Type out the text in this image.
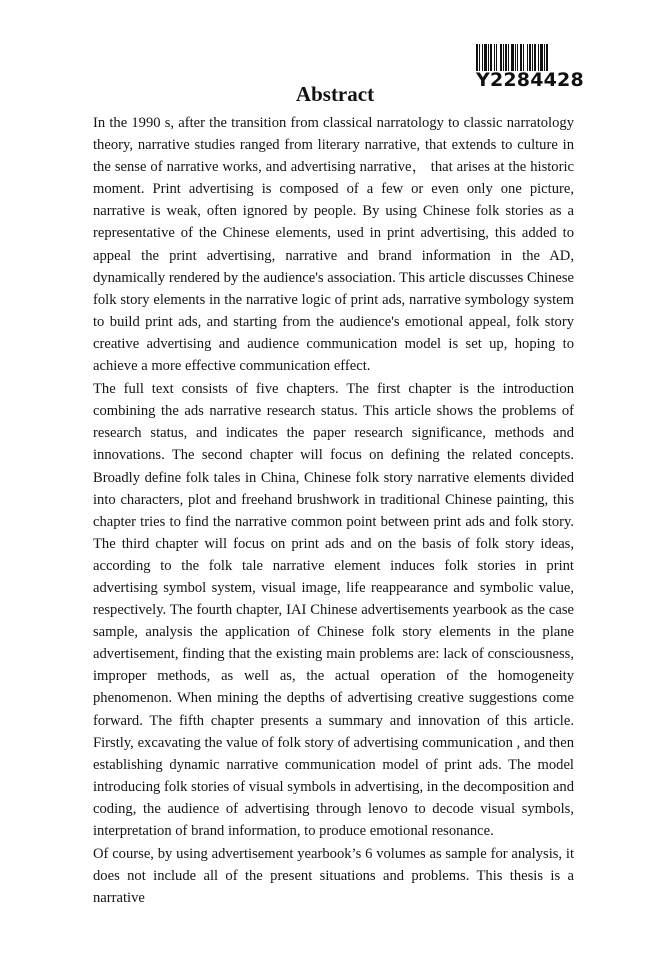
Y2284428
Abstract

In the 1990 s, after the transition from classical narratology to classic narratology theory, narrative studies ranged from literary narrative, that extends to culture in the sense of narrative works, and advertising narrative， that arises at the historic moment. Print advertising is composed of a few or even only one picture, narrative is weak, often ignored by people. By using Chinese folk stories as a representative of the Chinese elements, used in print advertising, this added to appeal the print advertising, narrative and brand information in the AD, dynamically rendered by the audience's association. This article discusses Chinese folk story elements in the narrative logic of print ads, narrative symbology system to build print ads, and starting from the audience's emotional appeal, folk story creative advertising and audience communication model is set up, hoping to achieve a more effective communication effect.

The full text consists of five chapters. The first chapter is the introduction combining the ads narrative research status. This article shows the problems of research status, and indicates the paper research significance, methods and innovations. The second chapter will focus on defining the related concepts. Broadly define folk tales in China, Chinese folk story narrative elements divided into characters, plot and freehand brushwork in traditional Chinese painting, this chapter tries to find the narrative common point between print ads and folk story. The third chapter will focus on print ads and on the basis of folk story ideas, according to the folk tale narrative element induces folk stories in print advertising symbol system, visual image, life reappearance and symbolic value, respectively. The fourth chapter, IAI Chinese advertisements yearbook as the case sample, analysis the application of Chinese folk story elements in the plane advertisement, finding that the existing main problems are: lack of consciousness, improper methods, as well as, the actual operation of the homogeneity phenomenon. When mining the depths of advertising creative suggestions come forward. The fifth chapter presents a summary and innovation of this article. Firstly, excavating the value of folk story of advertising communication , and then establishing dynamic narrative communication model of print ads. The model introducing folk stories of visual symbols in advertising, in the decomposition and coding, the audience of advertising through lenovo to decode visual symbols, interpretation of brand information, to produce emotional resonance.

Of course, by using advertisement yearbook’s 6 volumes as sample for analysis, it does not include all of the present situations and problems. This thesis is a narrative
